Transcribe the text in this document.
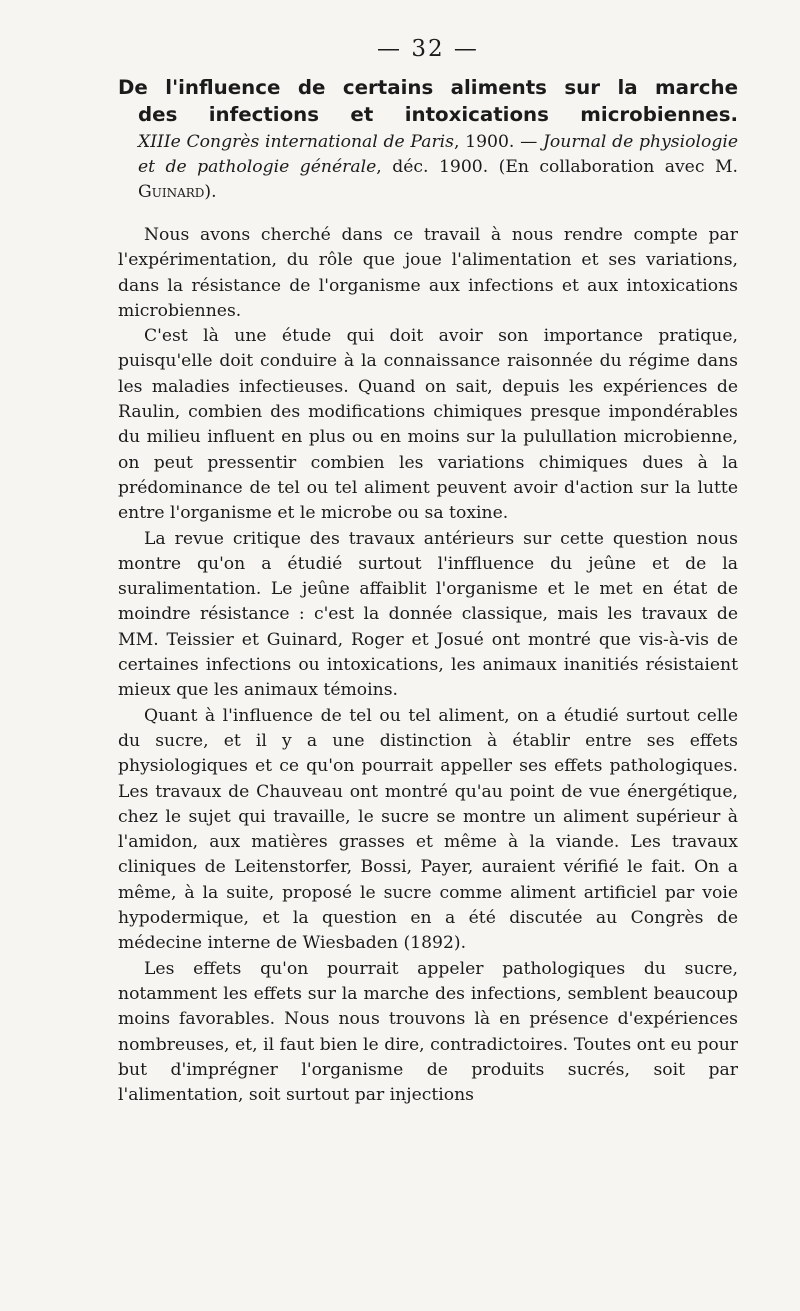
— 32 —
De l'influence de certains aliments sur la marche
des infections et intoxications microbiennes.
XIIIe Congrès international de Paris, 1900. — Journal de physiologie et de pathologie générale, déc. 1900. (En collaboration avec M. Guinard).

Nous avons cherché dans ce travail à nous rendre compte par l'expérimentation, du rôle que joue l'alimentation et ses variations, dans la résistance de l'organisme aux infections et aux intoxications microbiennes.

C'est là une étude qui doit avoir son importance pratique, puisqu'elle doit conduire à la connaissance raisonnée du régime dans les maladies infectieuses. Quand on sait, depuis les expériences de Raulin, combien des modifications chimiques presque impondérables du milieu influent en plus ou en moins sur la pulullation microbienne, on peut pressentir combien les variations chimiques dues à la prédominance de tel ou tel aliment peuvent avoir d'action sur la lutte entre l'organisme et le microbe ou sa toxine.

La revue critique des travaux antérieurs sur cette question nous montre qu'on a étudié surtout l'inffluence du jeûne et de la suralimentation. Le jeûne affaiblit l'organisme et le met en état de moindre résistance : c'est la donnée classique, mais les travaux de MM. Teissier et Guinard, Roger et Josué ont montré que vis-à-vis de certaines infections ou intoxications, les animaux inanitiés résistaient mieux que les animaux témoins.

Quant à l'influence de tel ou tel aliment, on a étudié surtout celle du sucre, et il y a une distinction à établir entre ses effets physiologiques et ce qu'on pourrait appeller ses effets pathologiques. Les travaux de Chauveau ont montré qu'au point de vue énergétique, chez le sujet qui travaille, le sucre se montre un aliment supérieur à l'amidon, aux matières grasses et même à la viande. Les travaux cliniques de Leitenstorfer, Bossi, Payer, auraient vérifié le fait. On a même, à la suite, proposé le sucre comme aliment artificiel par voie hypodermique, et la question en a été discutée au Congrès de médecine interne de Wiesbaden (1892).

Les effets qu'on pourrait appeler pathologiques du sucre, notamment les effets sur la marche des infections, semblent beaucoup moins favorables. Nous nous trouvons là en présence d'expériences nombreuses, et, il faut bien le dire, contradictoires. Toutes ont eu pour but d'imprégner l'organisme de produits sucrés, soit par l'alimentation, soit surtout par injections
